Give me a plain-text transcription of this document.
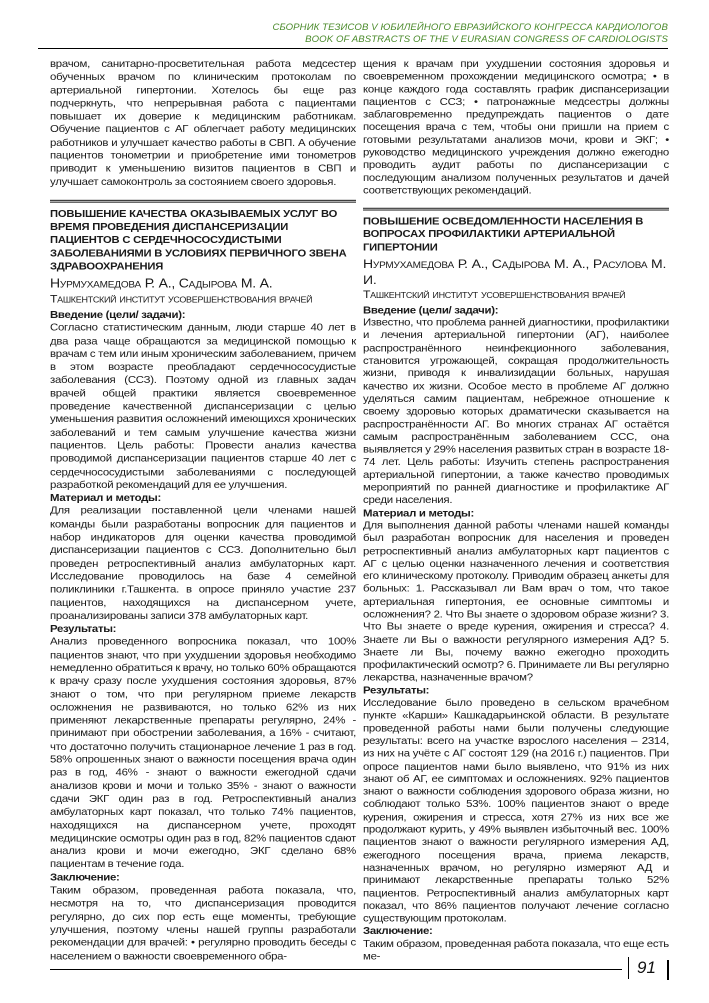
СБОРНИК ТЕЗИСОВ V ЮБИЛЕЙНОГО ЕВРАЗИЙСКОГО КОНГРЕССА КАРДИОЛОГОВ
BOOK OF ABSTRACTS OF THE V EURASIAN CONGRESS OF CARDIOLOGISTS

врачом, санитарно-просветительная работа медсестер обученных врачом по клиническим протоколам по артериальной гипертонии. Хотелось бы еще раз подчеркнуть, что непрерывная работа с пациентами повышает их доверие к медицинским работникам. Обучение пациентов с АГ облегчает работу медицинских работников и улучшает качество работы в СВП. А обучение пациентов тонометрии и приобретение ими тонометров приводит к уменьшению визитов пациентов в СВП и улучшает самоконтроль за состоянием своего здоровья.

ПОВЫШЕНИЕ КАЧЕСТВА ОКАЗЫВАЕМЫХ УСЛУГ ВО ВРЕМЯ ПРОВЕДЕНИЯ ДИСПАНСЕРИЗАЦИИ ПАЦИЕНТОВ С СЕРДЕЧНОСОСУДИСТЫМИ ЗАБОЛЕВАНИЯМИ В УСЛОВИЯХ ПЕРВИЧНОГО ЗВЕНА ЗДРАВООХРАНЕНИЯ
Нурмухамедова Р. А., Садырова М. А.
Ташкентский институт усовершенствования врачей

Введение (цели/ задачи):

Согласно статистическим данным, люди старше 40 лет в два раза чаще обращаются за медицинской помощью к врачам с тем или иным хроническим заболеванием, причем в этом возрасте преобладают сердечнососудистые заболевания (ССЗ). Поэтому одной из главных задач врачей общей практики является своевременное проведение качественной диспансеризации с целью уменьшения развития осложнений имеющихся хронических заболеваний и тем самым улучшение качества жизни пациентов. Цель работы: Провести анализ качества проводимой диспансеризации пациентов старше 40 лет с сердечнососудистыми заболеваниями с последующей разработкой рекомендаций для ее улучшения.

Материал и методы:

Для реализации поставленной цели членами нашей команды были разработаны вопросник для пациентов и набор индикаторов для оценки качества проводимой диспансеризации пациентов с ССЗ. Дополнительно был проведен ретроспективный анализ амбулаторных карт. Исследование проводилось на базе 4 семейной поликлиники г.Ташкента. в опросе приняло участие 237 пациентов, находящихся на диспансерном учете, проанализированы записи 378 амбулаторных карт.

Результаты:

Анализ проведенного вопросника показал, что 100% пациентов знают, что при ухудшении здоровья необходимо немедленно обратиться к врачу, но только 60% обращаются к врачу сразу после ухудшения состояния здоровья, 87% знают о том, что при регулярном приеме лекарств осложнения не развиваются, но только 62% из них применяют лекарственные препараты регулярно, 24% - принимают при обострении заболевания, а 16% - считают, что достаточно получить стационарное лечение 1 раз в год. 58% опрошенных знают о важности посещения врача один раз в год, 46% - знают о важности ежегодной сдачи анализов крови и мочи и только 35% - знают о важности сдачи ЭКГ один раз в год. Ретроспективный анализ амбулаторных карт показал, что только 74% пациентов, находящихся на диспансерном учете, проходят медицинские осмотры один раз в год, 82% пациентов сдают анализ крови и мочи ежегодно, ЭКГ сделано 68% пациентам в течение года.

Заключение:

Таким образом, проведенная работа показала, что, несмотря на то, что диспансеризация проводится регулярно, до сих пор есть еще моменты, требующие улучшения, поэтому члены нашей группы разработали рекомендации для врачей: • регулярно проводить беседы с населением о важности своевременного обра-

щения к врачам при ухудшении состояния здоровья и своевременном прохождении медицинского осмотра; • в конце каждого года составлять график диспансеризации пациентов с ССЗ; • патронажные медсестры должны заблаговременно предупреждать пациентов о дате посещения врача с тем, чтобы они пришли на прием с готовыми результатами анализов мочи, крови и ЭКГ; • руководство медицинского учреждения должно ежегодно проводить аудит работы по диспансеризации с последующим анализом полученных результатов и дачей соответствующих рекомендаций.

ПОВЫШЕНИЕ ОСВЕДОМЛЕННОСТИ НАСЕЛЕНИЯ В ВОПРОСАХ ПРОФИЛАКТИКИ АРТЕРИАЛЬНОЙ ГИПЕРТОНИИ
Нурмухамедова Р. А., Садырова М. А., Расулова М. И.
Ташкентский институт усовершенствования врачей

Введение (цели/ задачи):

Известно, что проблема ранней диагностики, профилактики и лечения артериальной гипертонии (АГ), наиболее распространённого неинфекционного заболевания, становится угрожающей, сокращая продолжительность жизни, приводя к инвализидации больных, нарушая качество их жизни. Особое место в проблеме АГ должно уделяться самим пациентам, небрежное отношение к своему здоровью которых драматически сказывается на распространённости АГ. Во многих странах АГ остаётся самым распространённым заболеванием ССС, она выявляется у 29% населения развитых стран в возрасте 18-74 лет. Цель работы: Изучить степень распространения артериальной гипертонии, а также качество проводимых мероприятий по ранней диагностике и профилактике АГ среди населения.

Материал и методы:

Для выполнения данной работы членами нашей команды был разработан вопросник для населения и проведен ретроспективный анализ амбулаторных карт пациентов с АГ с целью оценки назначенного лечения и соответствия его клиническому протоколу. Приводим образец анкеты для больных: 1. Рассказывал ли Вам врач о том, что такое артериальная гипертония, ее основные симптомы и осложнения? 2. Что Вы знаете о здоровом образе жизни? 3. Что Вы знаете о вреде курения, ожирения и стресса? 4. Знаете ли Вы о важности регулярного измерения АД? 5. Знаете ли Вы, почему важно ежегодно проходить профилактический осмотр? 6. Принимаете ли Вы регулярно лекарства, назначенные врачом?

Результаты:

Исследование было проведено в сельском врачебном пункте «Карши» Кашкадарьинской области. В результате проведенной работы нами были получены следующие результаты: всего на участке взрослого населения – 2314, из них на учёте с АГ состоят 129 (на 2016 г.) пациентов. При опросе пациентов нами было выявлено, что 91% из них знают об АГ, ее симптомах и осложнениях. 92% пациентов знают о важности соблюдения здорового образа жизни, но соблюдают только 53%. 100% пациентов знают о вреде курения, ожирения и стресса, хотя 27% из них все же продолжают курить, у 49% выявлен избыточный вес. 100% пациентов знают о важности регулярного измерения АД, ежегодного посещения врача, приема лекарств, назначенных врачом, но регулярно измеряют АД и принимают лекарственные препараты только 52% пациентов. Ретроспективный анализ амбулаторных карт показал, что 86% пациентов получают лечение согласно существующим протоколам.

Заключение:

Таким образом, проведенная работа показала, что еще есть ме-

91
